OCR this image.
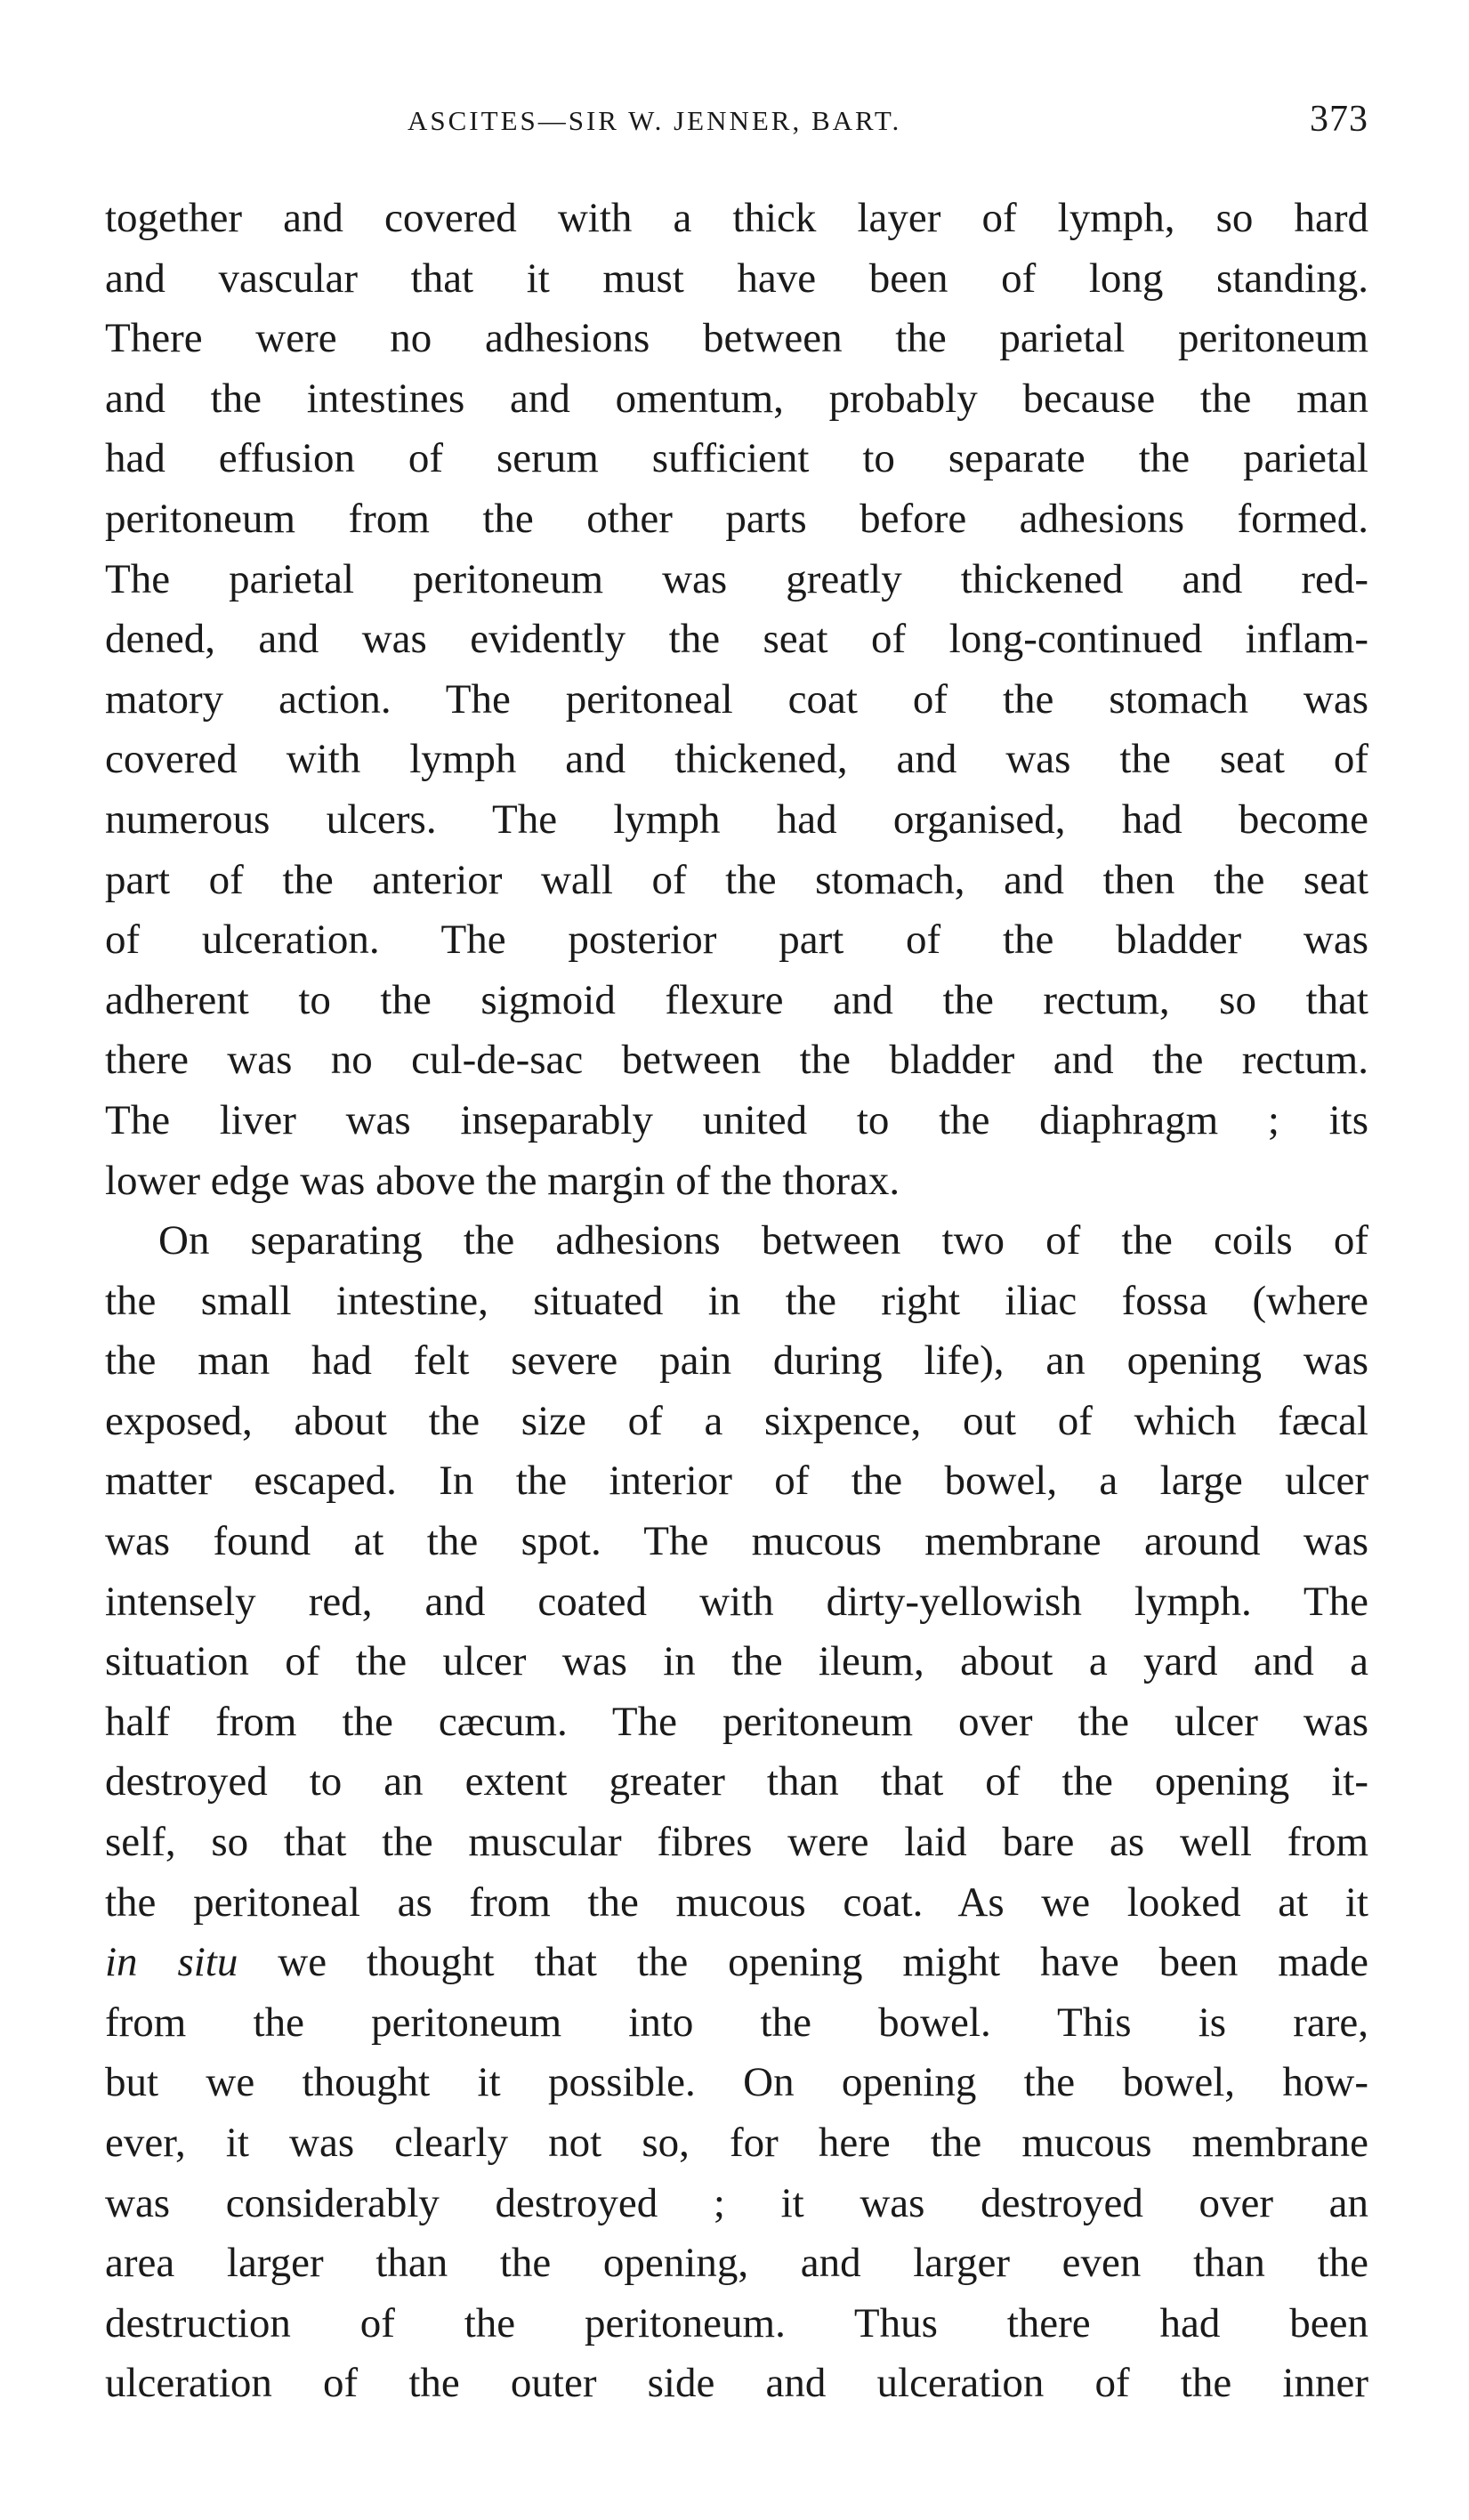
ASCITES—SIR W. JENNER, BART.	373
together and covered with a thick layer of lymph, so hard
and vascular that it must have been of long standing.
There were no adhesions between the parietal peritoneum
and the intestines and omentum, probably because the man
had effusion of serum sufficient to separate the parietal
peritoneum from the other parts before adhesions formed.
The parietal peritoneum was greatly thickened and red-
dened, and was evidently the seat of long-continued inflam-
matory action. The peritoneal coat of the stomach was
covered with lymph and thickened, and was the seat of
numerous ulcers. The lymph had organised, had become
part of the anterior wall of the stomach, and then the seat
of ulceration. The posterior part of the bladder was
adherent to the sigmoid flexure and the rectum, so that
there was no cul-de-sac between the bladder and the rectum.
The liver was inseparably united to the diaphragm ; its
lower edge was above the margin of the thorax.
On separating the adhesions between two of the coils of
the small intestine, situated in the right iliac fossa (where
the man had felt severe pain during life), an opening was
exposed, about the size of a sixpence, out of which fæcal
matter escaped. In the interior of the bowel, a large ulcer
was found at the spot. The mucous membrane around was
intensely red, and coated with dirty-yellowish lymph. The
situation of the ulcer was in the ileum, about a yard and a
half from the cæcum. The peritoneum over the ulcer was
destroyed to an extent greater than that of the opening it-
self, so that the muscular fibres were laid bare as well from
the peritoneal as from the mucous coat. As we looked at it
in situ we thought that the opening might have been made
from the peritoneum into the bowel. This is rare,
but we thought it possible. On opening the bowel, how-
ever, it was clearly not so, for here the mucous membrane
was considerably destroyed ; it was destroyed over an
area larger than the opening, and larger even than the
destruction of the peritoneum. Thus there had been
ulceration of the outer side and ulceration of the inner
